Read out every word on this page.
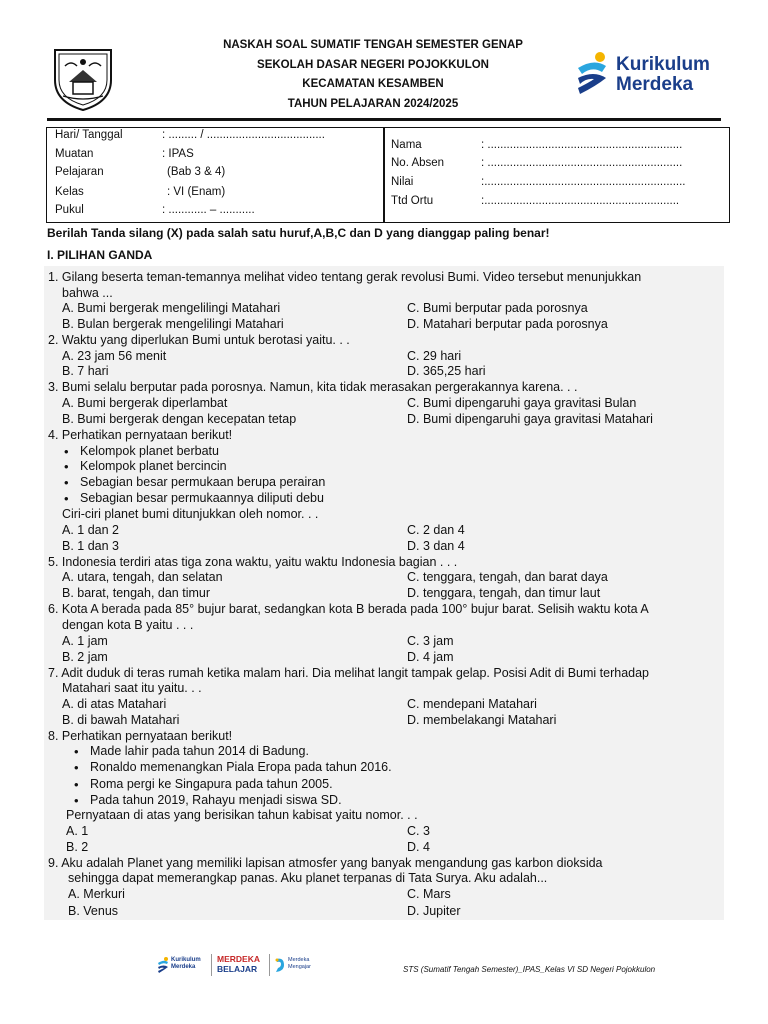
NASKAH SOAL SUMATIF TENGAH SEMESTER GENAP
SEKOLAH DASAR NEGERI POJOKKULON
KECAMATAN KESAMBEN
TAHUN PELAJARAN 2024/2025
Kurikulum
Merdeka
Hari/ Tanggal	: ......... / .....................................
Muatan	: IPAS
Pelajaran	(Bab 3 & 4)
Kelas	: VI (Enam)
Pukul	: ............ – ...........
Nama	: .............................................................
No. Absen	: .............................................................
Nilai	:...............................................................
Ttd Ortu	:.............................................................
Berilah Tanda silang (X) pada salah satu huruf,A,B,C dan D yang dianggap paling benar!
I. PILIHAN GANDA
1. Gilang beserta teman-temannya melihat video tentang gerak revolusi Bumi. Video tersebut menunjukkan
bahwa ...
A. Bumi bergerak mengelilingi Matahari	C. Bumi berputar pada porosnya
B. Bulan bergerak mengelilingi Matahari	D. Matahari berputar pada porosnya
2. Waktu yang diperlukan Bumi untuk berotasi yaitu. . .
A. 23 jam 56 menit	C. 29 hari
B. 7 hari	D. 365,25 hari
3. Bumi selalu berputar pada porosnya. Namun, kita tidak merasakan pergerakannya karena. . .
A. Bumi bergerak diperlambat	C. Bumi dipengaruhi gaya gravitasi Bulan
B. Bumi bergerak dengan kecepatan tetap	D. Bumi dipengaruhi gaya gravitasi Matahari
4. Perhatikan pernyataan berikut!
• Kelompok planet berbatu
• Kelompok planet bercincin
• Sebagian besar permukaan berupa perairan
• Sebagian besar permukaannya diliputi debu
Ciri-ciri planet bumi ditunjukkan oleh nomor. . .
A. 1 dan 2	C. 2 dan 4
B. 1 dan 3	D. 3 dan 4
5. Indonesia terdiri atas tiga zona waktu, yaitu waktu Indonesia bagian . . .
A. utara, tengah, dan selatan	C. tenggara, tengah, dan barat daya
B. barat, tengah, dan timur	D. tenggara, tengah, dan timur laut
6. Kota A berada pada 85° bujur barat, sedangkan kota B berada pada 100° bujur barat. Selisih waktu kota A
dengan kota B yaitu . . .
A. 1 jam	C. 3 jam
B. 2 jam	D. 4 jam
7. Adit duduk di teras rumah ketika malam hari. Dia melihat langit tampak gelap. Posisi Adit di Bumi terhadap
Matahari saat itu yaitu. . .
A. di atas Matahari	C. mendepani Matahari
B. di bawah Matahari	D. membelakangi Matahari
8. Perhatikan pernyataan berikut!
• Made lahir pada tahun 2014 di Badung.
• Ronaldo memenangkan Piala Eropa pada tahun 2016.
• Roma pergi ke Singapura pada tahun 2005.
• Pada tahun 2019, Rahayu menjadi siswa SD.
Pernyataan di atas yang berisikan tahun kabisat yaitu nomor. . .
A. 1	C. 3
B. 2	D. 4
9. Aku adalah Planet yang memiliki lapisan atmosfer yang banyak mengandung gas karbon dioksida
sehingga dapat memerangkap panas. Aku planet terpanas di Tata Surya. Aku adalah...
A. Merkuri	C. Mars
B. Venus	D. Jupiter
Kurikulum
Merdeka
MERDEKA
BELAJAR
Merdeka
Mengajar	STS (Sumatif Tengah Semester)_IPAS_Kelas VI SD Negeri Pojokkulon
